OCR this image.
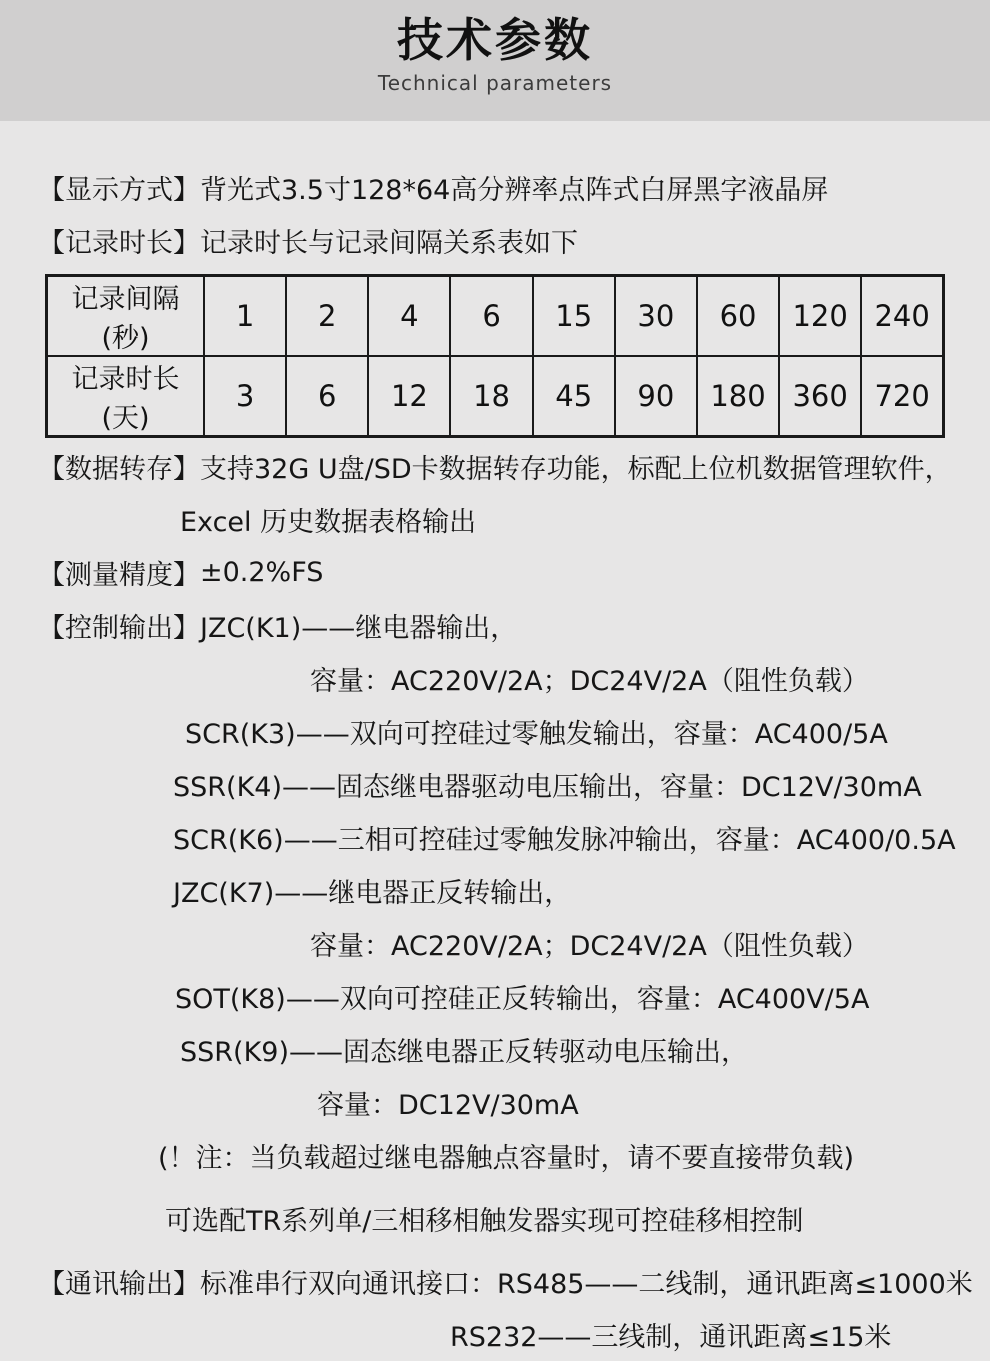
技术参数
Technical parameters
【显示方式】 背光式3.5寸128*64高分辨率点阵式白屏黑字液晶屏
【记录时长】 记录时长与记录间隔关系表如下
记录间隔(秒)	1	2	4	6	15	30	60	120	240
记录时长(天)	3	6	12	18	45	90	180	360	720
【数据转存】 支持32G U盘/SD卡数据转存功能，标配上位机数据管理软件，
Excel 历史数据表格输出
【测量精度】 ±0.2%FS
【控制输出】 JZC(K1)——继电器输出，
容量：AC220V/2A；DC24V/2A（阻性负载）
SCR(K3)——双向可控硅过零触发输出，容量：AC400/5A
SSR(K4)——固态继电器驱动电压输出，容量：DC12V/30mA
SCR(K6)——三相可控硅过零触发脉冲输出，容量：AC400/0.5A
JZC(K7)——继电器正反转输出，
容量：AC220V/2A；DC24V/2A（阻性负载）
SOT(K8)——双向可控硅正反转输出，容量：AC400V/5A
SSR(K9)——固态继电器正反转驱动电压输出，
容量：DC12V/30mA
(！注：当负载超过继电器触点容量时，请不要直接带负载)
可选配TR系列单/三相移相触发器实现可控硅移相控制
【通讯输出】 标准串行双向通讯接口：RS485——二线制，通讯距离≤1000米
RS232——三线制，通讯距离≤15米
